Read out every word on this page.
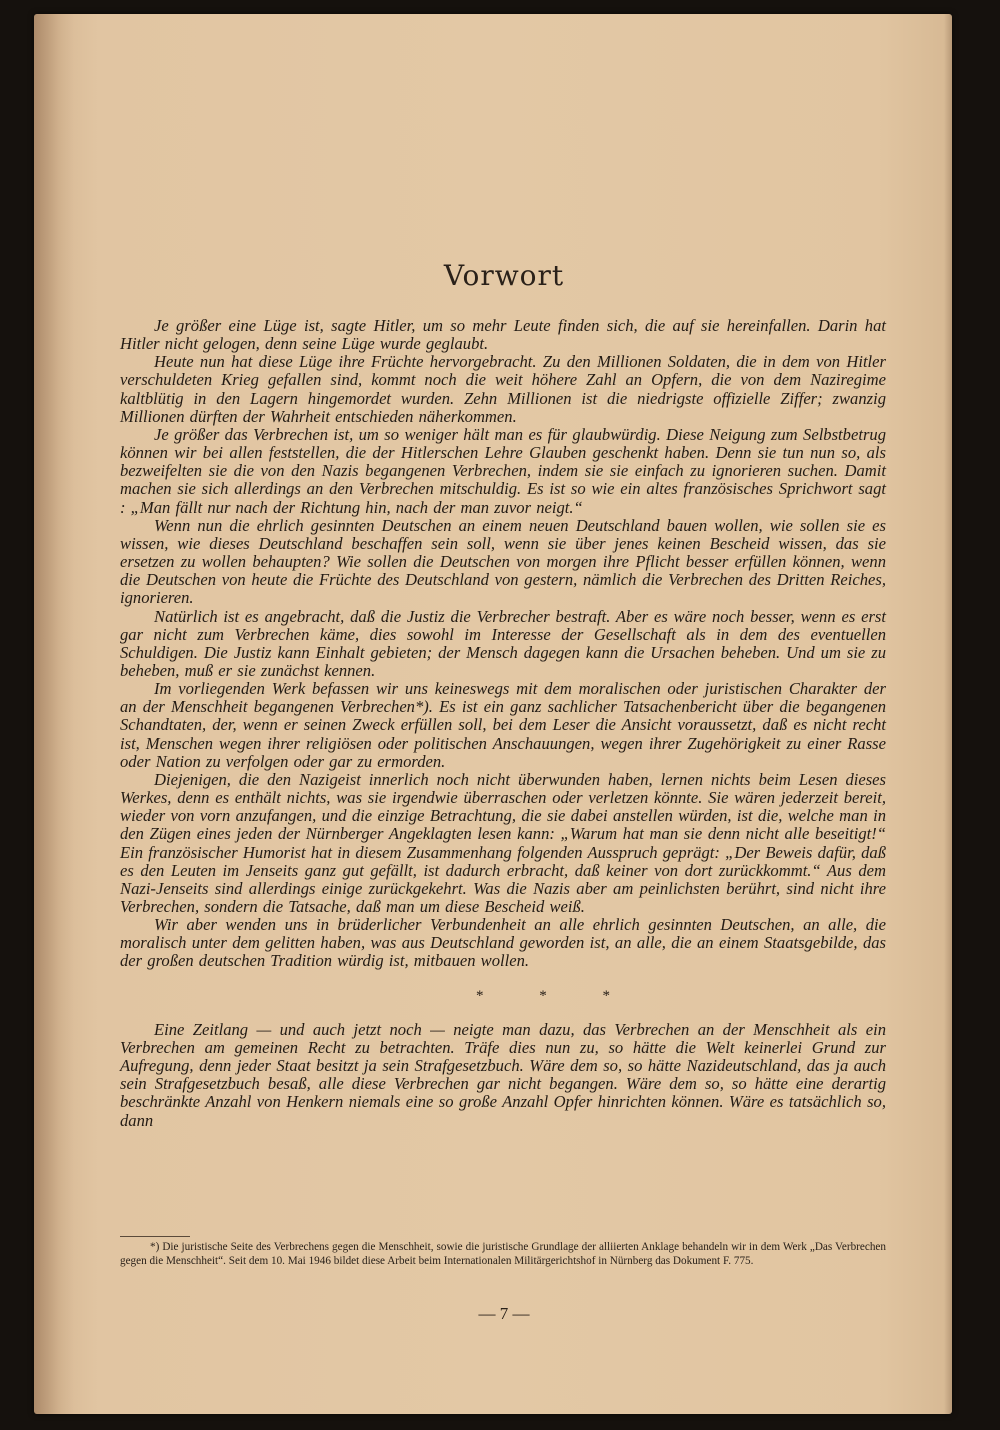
Vorwort

Je größer eine Lüge ist, sagte Hitler, um so mehr Leute finden sich, die auf sie hereinfallen. Darin hat Hitler nicht gelogen, denn seine Lüge wurde geglaubt.

Heute nun hat diese Lüge ihre Früchte hervorgebracht. Zu den Millionen Soldaten, die in dem von Hitler verschuldeten Krieg gefallen sind, kommt noch die weit höhere Zahl an Opfern, die von dem Naziregime kaltblütig in den Lagern hingemordet wurden. Zehn Millionen ist die niedrigste offizielle Ziffer; zwanzig Millionen dürften der Wahrheit entschieden näherkommen.

Je größer das Verbrechen ist, um so weniger hält man es für glaubwürdig. Diese Neigung zum Selbstbetrug können wir bei allen feststellen, die der Hitlerschen Lehre Glauben geschenkt haben. Denn sie tun nun so, als bezweifelten sie die von den Nazis begangenen Verbrechen, indem sie sie einfach zu ignorieren suchen. Damit machen sie sich allerdings an den Verbrechen mitschuldig. Es ist so wie ein altes französisches Sprichwort sagt : „Man fällt nur nach der Richtung hin, nach der man zuvor neigt.“

Wenn nun die ehrlich gesinnten Deutschen an einem neuen Deutschland bauen wollen, wie sollen sie es wissen, wie dieses Deutschland beschaffen sein soll, wenn sie über jenes keinen Bescheid wissen, das sie ersetzen zu wollen behaupten? Wie sollen die Deutschen von morgen ihre Pflicht besser erfüllen können, wenn die Deutschen von heute die Früchte des Deutschland von gestern, nämlich die Verbrechen des Dritten Reiches, ignorieren.

Natürlich ist es angebracht, daß die Justiz die Verbrecher bestraft. Aber es wäre noch besser, wenn es erst gar nicht zum Verbrechen käme, dies sowohl im Interesse der Gesellschaft als in dem des eventuellen Schuldigen. Die Justiz kann Einhalt gebieten; der Mensch dagegen kann die Ursachen beheben. Und um sie zu beheben, muß er sie zunächst kennen.

Im vorliegenden Werk befassen wir uns keineswegs mit dem moralischen oder juristischen Charakter der an der Menschheit begangenen Verbrechen*). Es ist ein ganz sachlicher Tatsachenbericht über die begangenen Schandtaten, der, wenn er seinen Zweck erfüllen soll, bei dem Leser die Ansicht voraussetzt, daß es nicht recht ist, Menschen wegen ihrer religiösen oder politischen Anschauungen, wegen ihrer Zugehörigkeit zu einer Rasse oder Nation zu verfolgen oder gar zu ermorden.

Diejenigen, die den Nazigeist innerlich noch nicht überwunden haben, lernen nichts beim Lesen dieses Werkes, denn es enthält nichts, was sie irgendwie überraschen oder verletzen könnte. Sie wären jederzeit bereit, wieder von vorn anzufangen, und die einzige Betrachtung, die sie dabei anstellen würden, ist die, welche man in den Zügen eines jeden der Nürnberger Angeklagten lesen kann: „Warum hat man sie denn nicht alle beseitigt!“ Ein französischer Humorist hat in diesem Zusammenhang folgenden Ausspruch geprägt: „Der Beweis dafür, daß es den Leuten im Jenseits ganz gut gefällt, ist dadurch erbracht, daß keiner von dort zurückkommt.“ Aus dem Nazi-Jenseits sind allerdings einige zurückgekehrt. Was die Nazis aber am peinlichsten berührt, sind nicht ihre Verbrechen, sondern die Tatsache, daß man um diese Bescheid weiß.

Wir aber wenden uns in brüderlicher Verbundenheit an alle ehrlich gesinnten Deutschen, an alle, die moralisch unter dem gelitten haben, was aus Deutschland geworden ist, an alle, die an einem Staatsgebilde, das der großen deutschen Tradition würdig ist, mitbauen wollen.

* * *

Eine Zeitlang — und auch jetzt noch — neigte man dazu, das Verbrechen an der Menschheit als ein Verbrechen am gemeinen Recht zu betrachten. Träfe dies nun zu, so hätte die Welt keinerlei Grund zur Aufregung, denn jeder Staat besitzt ja sein Strafgesetzbuch. Wäre dem so, so hätte Nazideutschland, das ja auch sein Strafgesetzbuch besaß, alle diese Verbrechen gar nicht begangen. Wäre dem so, so hätte eine derartig beschränkte Anzahl von Henkern niemals eine so große Anzahl Opfer hinrichten können. Wäre es tatsächlich so, dann

*) Die juristische Seite des Verbrechens gegen die Menschheit, sowie die juristische Grundlage der alliierten Anklage behandeln wir in dem Werk „Das Verbrechen gegen die Menschheit“. Seit dem 10. Mai 1946 bildet diese Arbeit beim Internationalen Militärgerichtshof in Nürnberg das Dokument F. 775.
— 7 —
